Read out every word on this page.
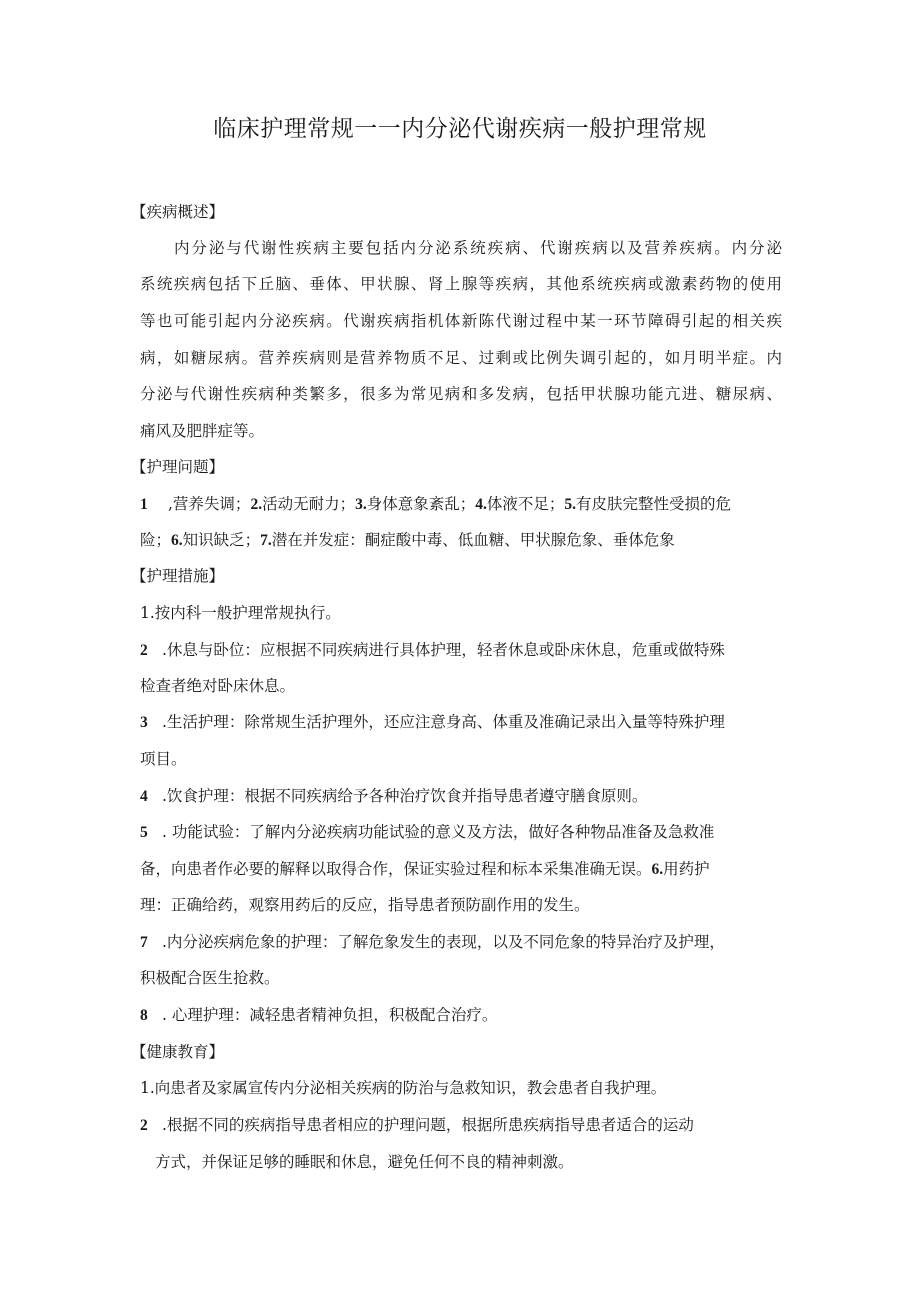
临床护理常规一一内分泌代谢疾病一般护理常规
【疾病概述】
内分泌与代谢性疾病主要包括内分泌系统疾病、代谢疾病以及营养疾病。内分泌
系统疾病包括下丘脑、垂体、甲状腺、肾上腺等疾病，其他系统疾病或激素药物的使用
等也可能引起内分泌疾病。代谢疾病指机体新陈代谢过程中某一环节障碍引起的相关疾
病，如糖尿病。营养疾病则是营养物质不足、过剩或比例失调引起的，如月明半症。内
分泌与代谢性疾病种类繁多，很多为常见病和多发病，包括甲状腺功能亢进、糖尿病、
痛风及肥胖症等。
【护理问题】
1 ,营养失调；2.活动无耐力；3.身体意象紊乱；4.体液不足；5.有皮肤完整性受损的危
险；6.知识缺乏；7.潜在并发症：酮症酸中毒、低血糖、甲状腺危象、垂体危象
【护理措施】
1.按内科一般护理常规执行。
2 .休息与卧位：应根据不同疾病进行具体护理，轻者休息或卧床休息，危重或做特殊
检查者绝对卧床休息。
3 .生活护理：除常规生活护理外，还应注意身高、体重及准确记录出入量等特殊护理
项目。
4 .饮食护理：根据不同疾病给予各种治疗饮食并指导患者遵守膳食原则。
5 . 功能试验：了解内分泌疾病功能试验的意义及方法，做好各种物品准备及急救准
备，向患者作必要的解释以取得合作，保证实验过程和标本采集准确无误。6.用药护
理：正确给药，观察用药后的反应，指导患者预防副作用的发生。
7 .内分泌疾病危象的护理：了解危象发生的表现，以及不同危象的特异治疗及护理，
积极配合医生抢救。
8 . 心理护理：减轻患者精神负担，积极配合治疗。
【健康教育】
1.向患者及家属宣传内分泌相关疾病的防治与急救知识，教会患者自我护理。
2 .根据不同的疾病指导患者相应的护理问题，根据所患疾病指导患者适合的运动
方式，并保证足够的睡眠和休息，避免任何不良的精神刺激。
